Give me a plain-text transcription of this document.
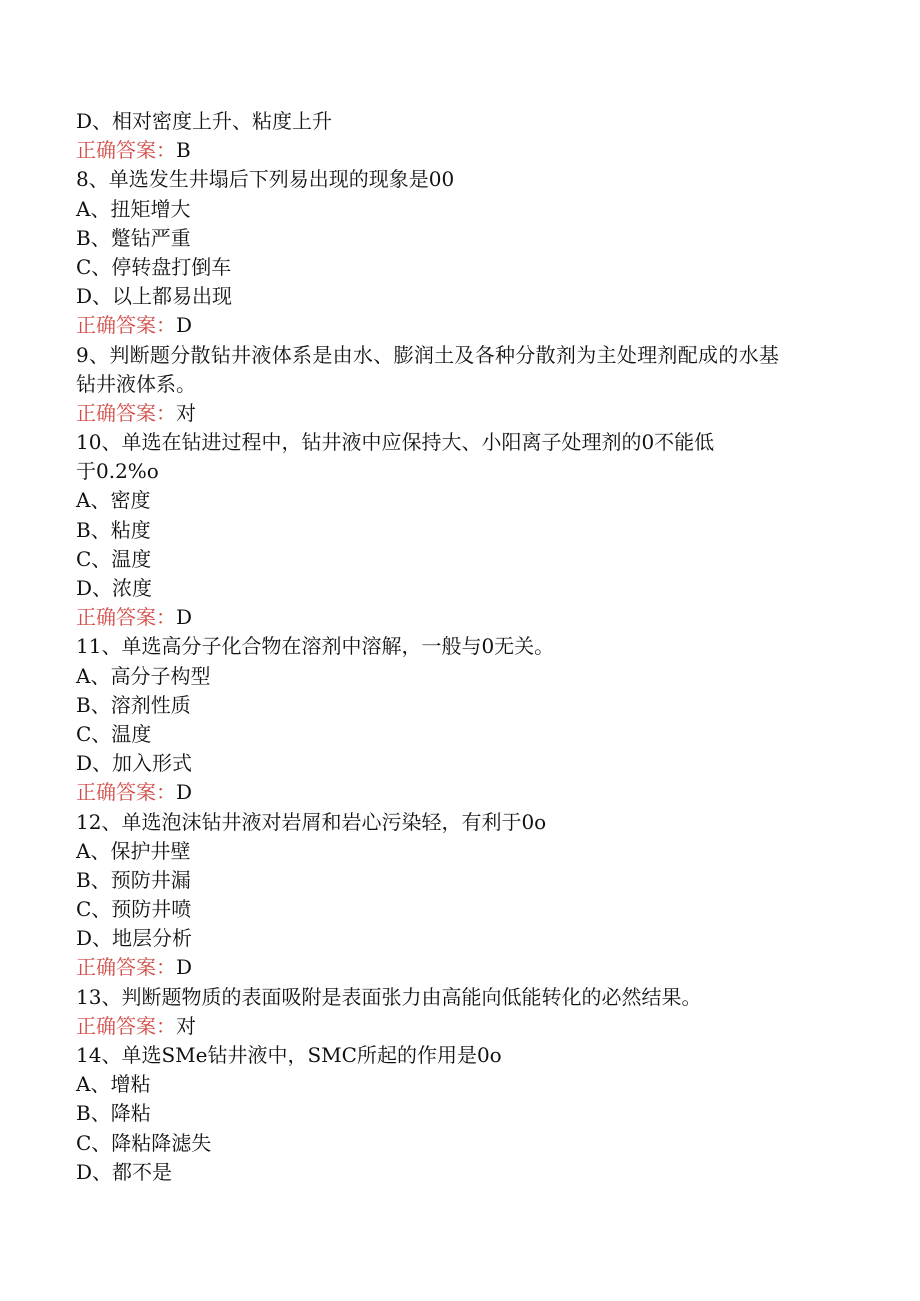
D、相对密度上升、粘度上升
正确答案：B
8、单选发生井塌后下列易出现的现象是00
A、扭矩增大
B、蹩钻严重
C、停转盘打倒车
D、以上都易出现
正确答案：D
9、判断题分散钻井液体系是由水、膨润土及各种分散剂为主处理剂配成的水基
钻井液体系。
正确答案：对
10、单选在钻进过程中，钻井液中应保持大、小阳离子处理剂的0不能低
于0.2%o
A、密度
B、粘度
C、温度
D、浓度
正确答案：D
11、单选高分子化合物在溶剂中溶解，一般与0无关。
A、高分子构型
B、溶剂性质
C、温度
D、加入形式
正确答案：D
12、单选泡沫钻井液对岩屑和岩心污染轻，有利于0o
A、保护井壁
B、预防井漏
C、预防井喷
D、地层分析
正确答案：D
13、判断题物质的表面吸附是表面张力由高能向低能转化的必然结果。
正确答案：对
14、单选SMe钻井液中，SMC所起的作用是0o
A、增粘
B、降粘
C、降粘降滤失
D、都不是
